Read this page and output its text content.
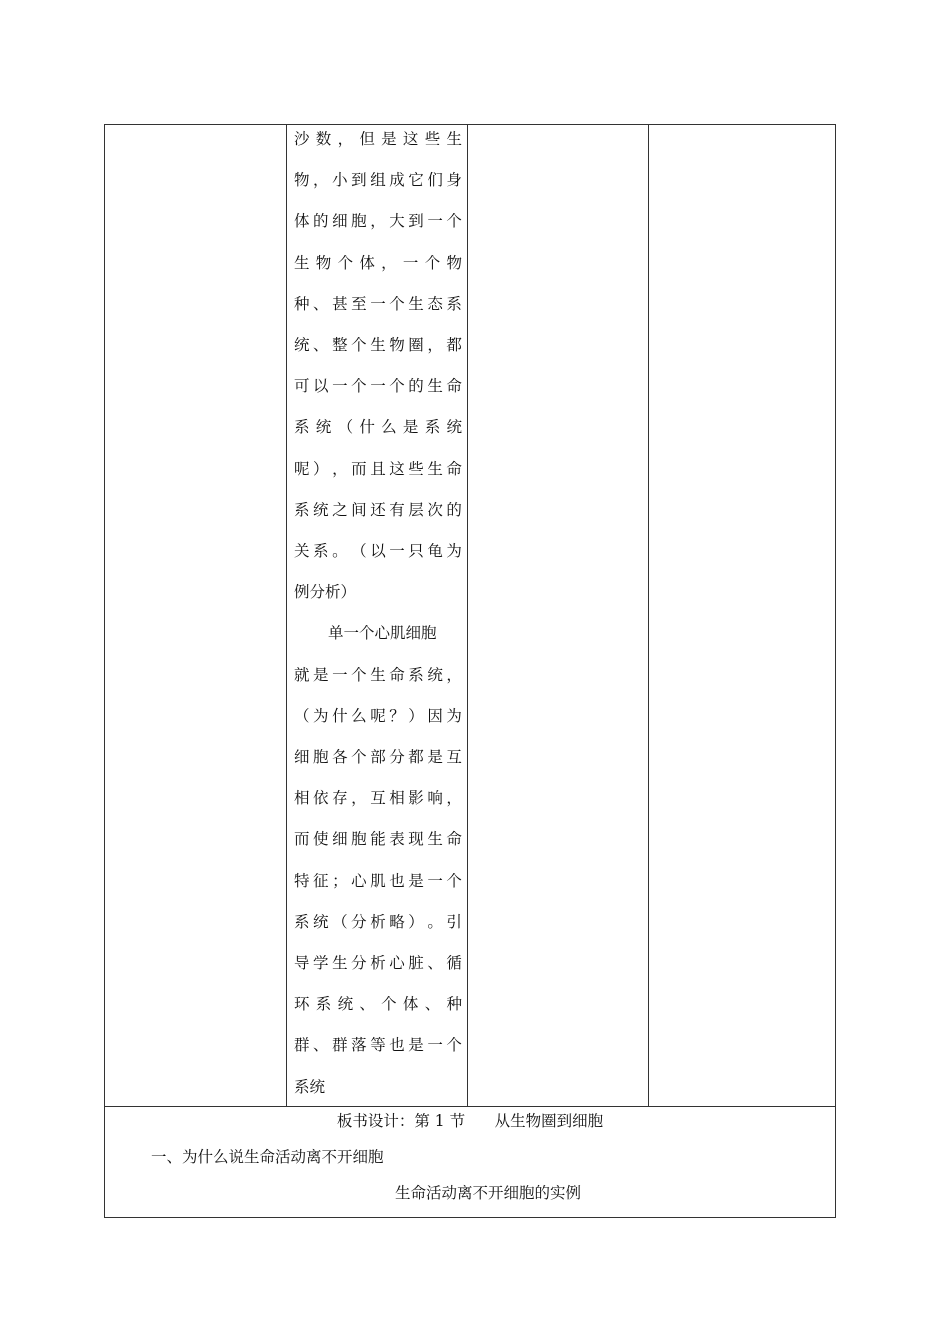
沙 数 ， 但 是 这 些 生
物 ， 小 到 组 成 它 们 身
体 的 细 胞 ， 大 到 一 个
生 物 个 体 ， 一 个 物
种 、 甚 至 一 个 生 态 系
统 、 整 个 生 物 圈 ， 都
可 以 一 个 一 个 的 生 命
系 统 （ 什 么 是 系 统
呢 ） ， 而 且 这 些 生 命
系 统 之 间 还 有 层 次 的
关 系 。 （ 以 一 只 龟 为
例分析）
单一个心肌细胞
就 是 一 个 生 命 系 统 ，
（ 为 什 么 呢 ？ ） 因 为
细 胞 各 个 部 分 都 是 互
相 依 存 ， 互 相 影 响 ，
而 使 细 胞 能 表 现 生 命
特 征 ； 心 肌 也 是 一 个
系 统 （ 分 析 略 ） 。 引
导 学 生 分 析 心 脏 、 循
环 系 统 、 个 体 、 种
群 、 群 落 等 也 是 一 个
系统
板书设计：第 1 节      从生物圈到细胞
一、为什么说生命活动离不开细胞
生命活动离不开细胞的实例
